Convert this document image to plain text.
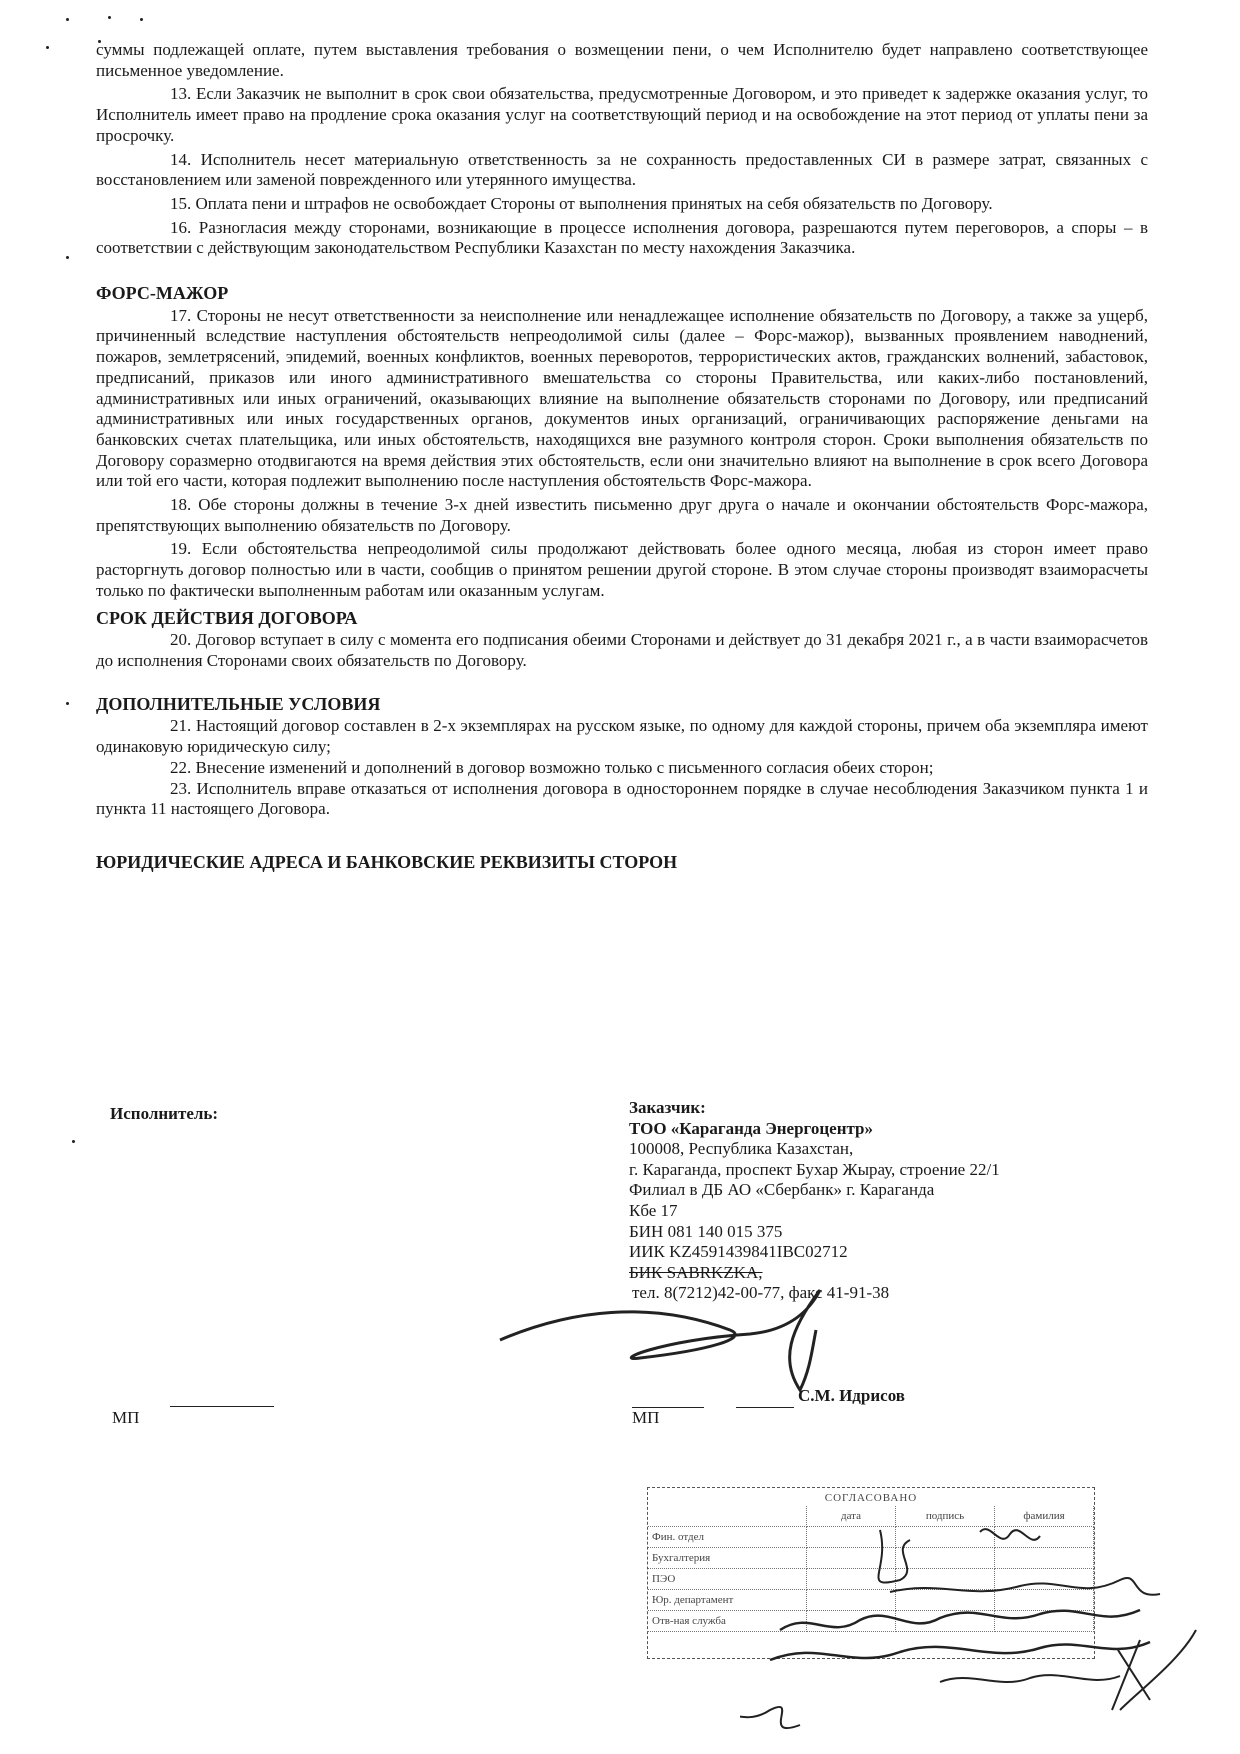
суммы подлежащей оплате, путем выставления требования о возмещении пени, о чем Исполнителю будет направлено соответствующее письменное уведомление.

13. Если Заказчик не выполнит в срок свои обязательства, предусмотренные Договором, и это приведет к задержке оказания услуг, то Исполнитель имеет право на продление срока оказания услуг на соответствующий период и на освобождение на этот период от уплаты пени за просрочку.

14. Исполнитель несет материальную ответственность за не сохранность предоставленных СИ в размере затрат, связанных с восстановлением или заменой поврежденного или утерянного имущества.

15. Оплата пени и штрафов не освобождает Стороны от выполнения принятых на себя обязательств по Договору.

16. Разногласия между сторонами, возникающие в процессе исполнения договора, разрешаются путем переговоров, а споры – в соответствии с действующим законодательством Республики Казахстан по месту нахождения Заказчика.

ФОРС-МАЖОР

17. Стороны не несут ответственности за неисполнение или ненадлежащее исполнение обязательств по Договору, а также за ущерб, причиненный вследствие наступления обстоятельств непреодолимой силы (далее – Форс-мажор), вызванных проявлением наводнений, пожаров, землетрясений, эпидемий, военных конфликтов, военных переворотов, террористических актов, гражданских волнений, забастовок, предписаний, приказов или иного административного вмешательства со стороны Правительства, или каких-либо постановлений, административных или иных ограничений, оказывающих влияние на выполнение обязательств сторонами по Договору, или предписаний административных или иных государственных органов, документов иных организаций, ограничивающих распоряжение деньгами на банковских счетах плательщика, или иных обстоятельств, находящихся вне разумного контроля сторон. Сроки выполнения обязательств по Договору соразмерно отодвигаются на время действия этих обстоятельств, если они значительно влияют на выполнение в срок всего Договора или той его части, которая подлежит выполнению после наступления обстоятельств Форс-мажора.

18. Обе стороны должны в течение 3-х дней известить письменно друг друга о начале и окончании обстоятельств Форс-мажора, препятствующих выполнению обязательств по Договору.

19. Если обстоятельства непреодолимой силы продолжают действовать более одного месяца, любая из сторон имеет право расторгнуть договор полностью или в части, сообщив о принятом решении другой стороне. В этом случае стороны производят взаиморасчеты только по фактически выполненным работам или оказанным услугам.

СРОК ДЕЙСТВИЯ ДОГОВОРА

20. Договор вступает в силу с момента его подписания обеими Сторонами и действует до 31 декабря 2021 г., а в части взаиморасчетов до исполнения Сторонами своих обязательств по Договору.

ДОПОЛНИТЕЛЬНЫЕ УСЛОВИЯ

21. Настоящий договор составлен в 2-х экземплярах на русском языке, по одному для каждой стороны, причем оба экземпляра имеют одинаковую юридическую силу;

22. Внесение изменений и дополнений в договор возможно только с письменного согласия обеих сторон;

23. Исполнитель вправе отказаться от исполнения договора в одностороннем порядке в случае несоблюдения Заказчиком пункта 1 и пункта 11 настоящего Договора.

ЮРИДИЧЕСКИЕ АДРЕСА И БАНКОВСКИЕ РЕКВИЗИТЫ СТОРОН

Исполнитель:
МП
Заказчик:
ТОО «Караганда Энергоцентр»
100008, Республика Казахстан,
г. Караганда, проспект Бухар Жырау, строение 22/1
Филиал в ДБ АО «Сбербанк» г. Караганда
Кбе 17
БИН 081 140 015 375
ИИК KZ4591439841IBC02712
БИК SABRKZKA,
тел. 8(7212)42-00-77, факс 41-91-38
С.М. Идрисов
МП
СОГЛАСОВАНО
	дата	подпись	фамилия
Фин. отдел			
Бухгалтерия			
ПЭО			
Юр. департамент			
Отв-ная служба			
